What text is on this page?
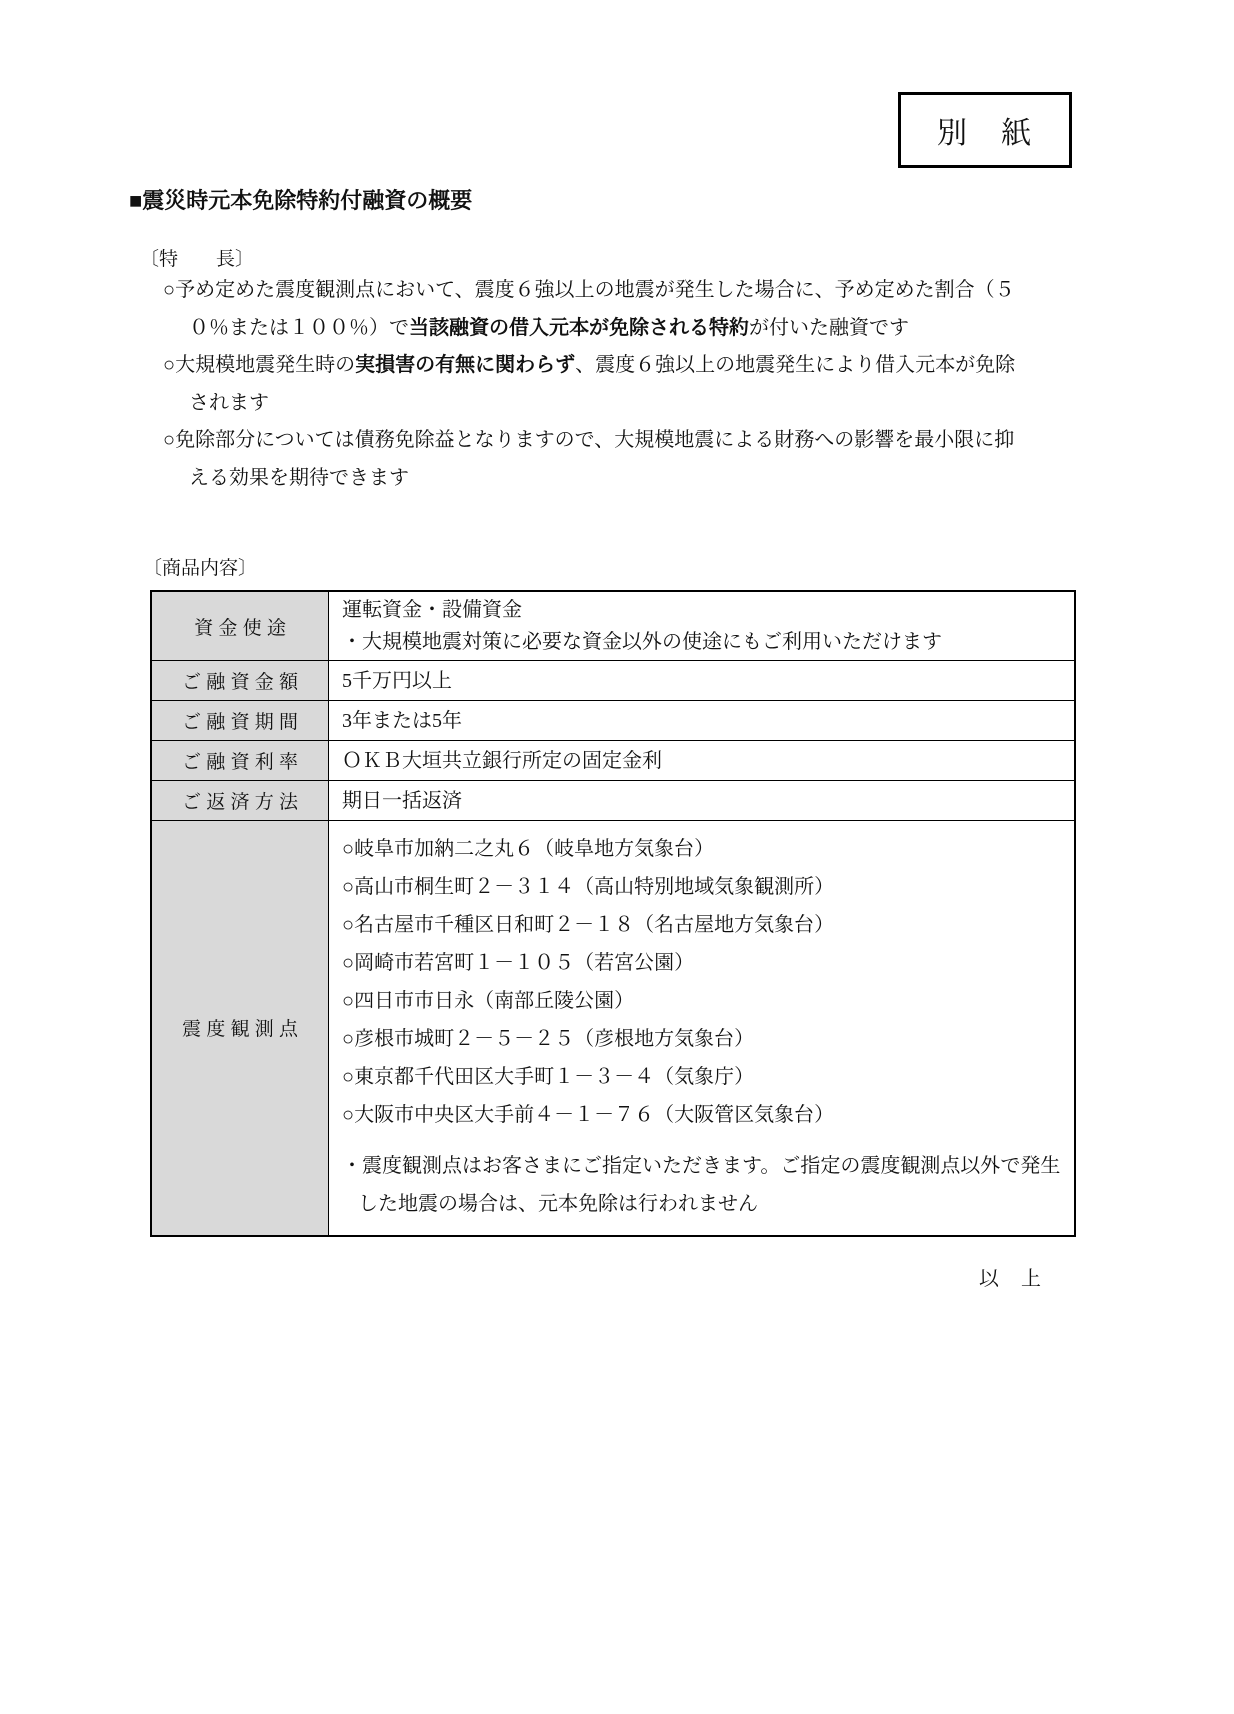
別　紙
■震災時元本免除特約付融資の概要
〔特　　長〕

○予め定めた震度観測点において、震度６強以上の地震が発生した場合に、予め定めた割合（５０％または１００％）で当該融資の借入元本が免除される特約が付いた融資です

○大規模地震発生時の実損害の有無に関わらず、震度６強以上の地震発生により借入元本が免除されます

○免除部分については債務免除益となりますので、大規模地震による財務への影響を最小限に抑える効果を期待できます

〔商品内容〕
資 金 使 途	運転資金・設備資金
・大規模地震対策に必要な資金以外の使途にもご利用いただけます

ご 融 資 金 額	5千万円以上
ご 融 資 期 間	3年または5年
ご 融 資 利 率	ＯＫＢ大垣共立銀行所定の固定金利
ご 返 済 方 法	期日一括返済
震 度 観 測 点	
○岐阜市加納二之丸６（岐阜地方気象台）
○高山市桐生町２－３１４（高山特別地域気象観測所）
○名古屋市千種区日和町２－１８（名古屋地方気象台）
○岡崎市若宮町１－１０５（若宮公園）
○四日市市日永（南部丘陵公園）
○彦根市城町２－５－２５（彦根地方気象台）
○東京都千代田区大手町１－３－４（気象庁）
○大阪市中央区大手前４－１－７６（大阪管区気象台）
・震度観測点はお客さまにご指定いただきます。ご指定の震度観測点以外で発生した地震の場合は、元本免除は行われません
以　上
